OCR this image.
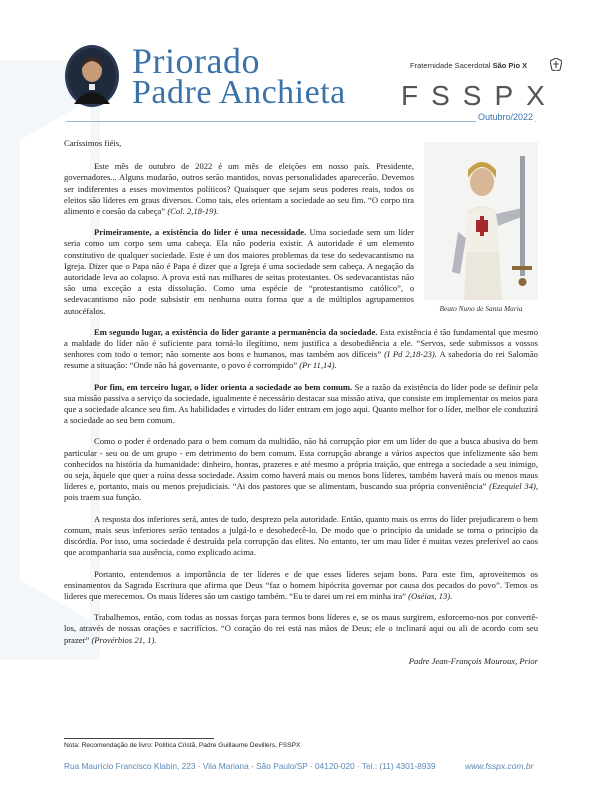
Priorado
Padre Anchieta
Fraternidade Sacerdotal São Pio X
FSSPX
Outubro/2022
Beato Nuno de Santa Maria

Caríssimos fiéis,

Este mês de outubro de 2022 é um mês de eleições em nosso país. Presidente, governadores... Alguns mudarão, outros serão mantidos, novas personalidades aparecerão. Devemos ser indiferentes a esses movimentos políticos? Quaisquer que sejam seus poderes reais, todos os eleitos são líderes em graus diversos. Como tais, eles orientam a sociedade ao seu fim. “O corpo tira alimento e coesão da cabeça” (Col. 2,18-19).

Primeiramente, a existência do líder é uma necessidade. Uma sociedade sem um líder seria como um corpo sem uma cabeça. Ela não poderia existir. A autoridade é um elemento constitutivo de qualquer sociedade. Este é um dos maiores problemas da tese do sedevacantismo na Igreja. Dizer que o Papa não é Papa é dizer que a Igreja é uma sociedade sem cabeça. A negação da autoridade leva ao colapso. A prova está nas milhares de seitas protestantes. Os sedevacantistas não são uma exceção a esta dissolução. Como uma espécie de “protestantismo católico”, o sedevacantismo não pode subsistir em nenhuma outra forma que a de múltiplos agrupamentos autocéfalos.

Em segundo lugar, a existência do líder garante a permanência da sociedade. Esta existência é tão fundamental que mesmo a maldade do líder não é suficiente para torná-lo ilegítimo, nem justifica a desobediência a ele. “Servos, sede submissos a vossos senhores com todo o temor; não somente aos bons e humanos, mas também aos difíceis” (I Pd 2,18-23). A sabedoria do rei Salomão resume a situação: “Onde não há governante, o povo é corrompido” (Pr 11,14).

Por fim, em terceiro lugar, o líder orienta a sociedade ao bem comum. Se a razão da existência do líder pode se definir pela sua missão passiva a serviço da sociedade, igualmente é necessário destacar sua missão ativa, que consiste em implementar os meios para que a sociedade alcance seu fim. As habilidades e virtudes do líder entram em jogo aqui. Quanto melhor for o líder, melhor ele conduzirá a sociedade ao seu bem comum.

Como o poder é ordenado para o bem comum da multidão, não há corrupção pior em um líder do que a busca abusiva do bem particular - seu ou de um grupo - em detrimento do bem comum. Esta corrupção abrange a vários aspectos que infelizmente são bem conhecidos na história da humanidade: dinheiro, honras, prazeres e até mesmo a própria traição, que entrega a sociedade a seu inimigo, ou seja, àquele que quer a ruína dessa sociedade. Assim como haverá mais ou menos bons líderes, também haverá mais ou menos maus líderes e, portanto, mais ou menos prejudiciais. “Ai dos pastores que se alimentam, buscando sua própria conveniência” (Ezequiel 34), pois traem sua função.

A resposta dos inferiores será, antes de tudo, desprezo pela autoridade. Então, quanto mais os erros do líder prejudicarem o bem comum, mais seus inferiores serão tentados a julgá-lo e desobedecê-lo. De modo que o princípio da unidade se torna o princípio da discórdia. Por isso, uma sociedade é destruída pela corrupção das elites. No entanto, ter um mau líder é muitas vezes preferível ao caos que acompanharia sua ausência, como explicado acima.

Portanto, entendemos a importância de ter líderes e de que esses líderes sejam bons. Para este fim, aproveitemos os ensinamentos da Sagrada Escritura que afirma que Deus “faz o homem hipócrita governar por causa dos pecados do povo”. Temos os líderes que merecemos. Os maus líderes são um castigo também. “Eu te darei um rei em minha ira” (Oséias, 13).

Trabalhemos, então, com todas as nossas forças para termos bons líderes e, se os maus surgirem, esforcemo-nos por convertê-los, através de nossas orações e sacrifícios. “O coração do rei está nas mãos de Deus; ele o inclinará aqui ou ali de acordo com seu prazer” (Provérbios 21, 1).

Padre Jean-François Mouroux, Prior

Nota: Recomendação de livro: Política Cristã, Padre Guillaume Devillers, FSSPX
Rua Maurício Francisco Klabin, 223 · Vila Mariana - São Paulo/SP · 04120-020 · Tel.: (11) 4301-8939	www.fsspx.com.br
